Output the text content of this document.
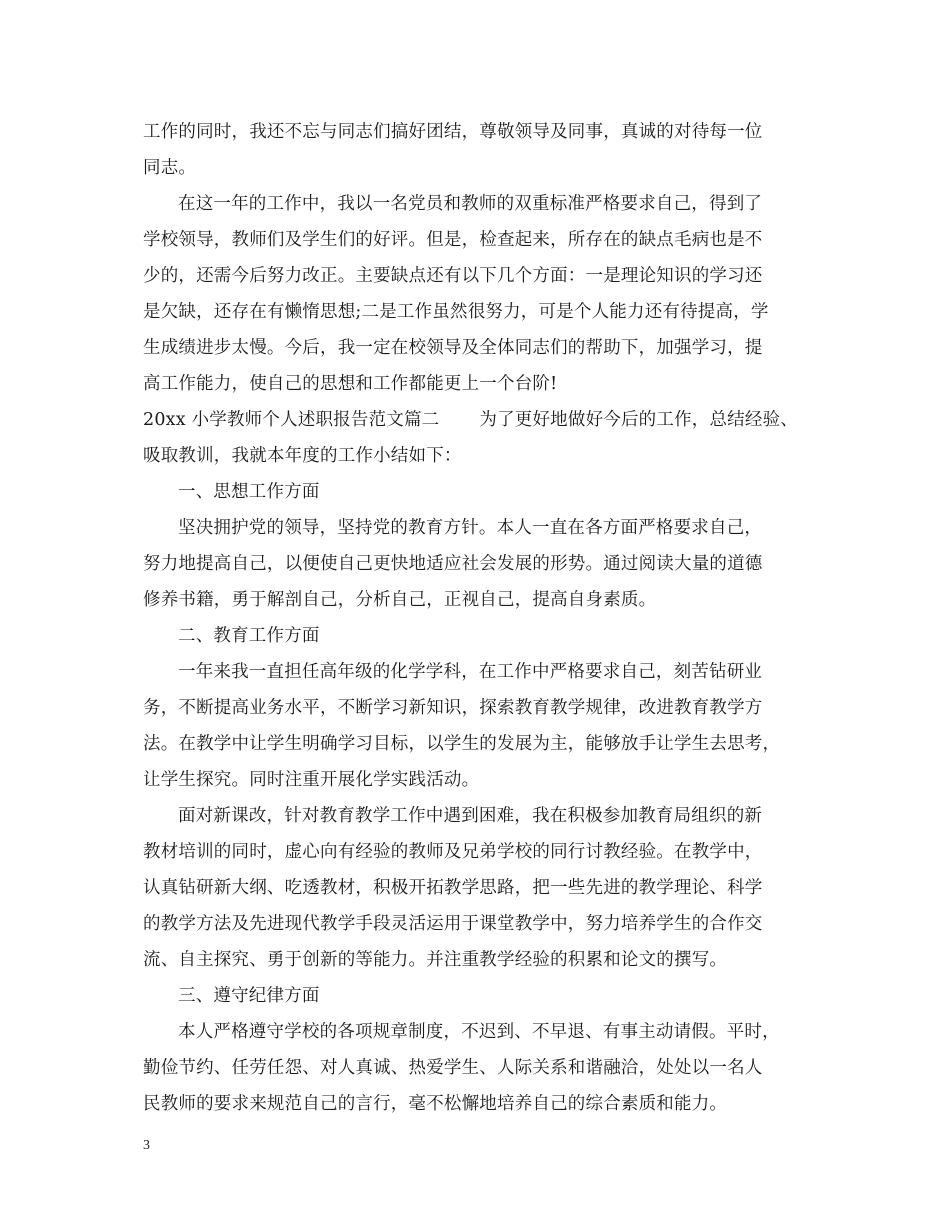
工作的同时，我还不忘与同志们搞好团结，尊敬领导及同事，真诚的对待每一位
同志。
在这一年的工作中，我以一名党员和教师的双重标准严格要求自己，得到了
学校领导，教师们及学生们的好评。但是，检查起来，所存在的缺点毛病也是不
少的，还需今后努力改正。主要缺点还有以下几个方面：一是理论知识的学习还
是欠缺，还存在有懒惰思想;二是工作虽然很努力，可是个人能力还有待提高，学
生成绩进步太慢。今后，我一定在校领导及全体同志们的帮助下，加强学习，提
高工作能力，使自己的思想和工作都能更上一个台阶!
20xx 小学教师个人述职报告范文篇二 为了更好地做好今后的工作，总结经验、
吸取教训，我就本年度的工作小结如下：
一、思想工作方面
坚决拥护党的领导，坚持党的教育方针。本人一直在各方面严格要求自己，
努力地提高自己，以便使自己更快地适应社会发展的形势。通过阅读大量的道德
修养书籍，勇于解剖自己，分析自己，正视自己，提高自身素质。
二、教育工作方面
一年来我一直担任高年级的化学学科，在工作中严格要求自己，刻苦钻研业
务，不断提高业务水平，不断学习新知识，探索教育教学规律，改进教育教学方
法。在教学中让学生明确学习目标，以学生的发展为主，能够放手让学生去思考，
让学生探究。同时注重开展化学实践活动。
面对新课改，针对教育教学工作中遇到困难，我在积极参加教育局组织的新
教材培训的同时，虚心向有经验的教师及兄弟学校的同行讨教经验。在教学中，
认真钻研新大纲、吃透教材，积极开拓教学思路，把一些先进的教学理论、科学
的教学方法及先进现代教学手段灵活运用于课堂教学中，努力培养学生的合作交
流、自主探究、勇于创新的等能力。并注重教学经验的积累和论文的撰写。
三、遵守纪律方面
本人严格遵守学校的各项规章制度，不迟到、不早退、有事主动请假。平时，
勤俭节约、任劳任怨、对人真诚、热爱学生、人际关系和谐融洽，处处以一名人
民教师的要求来规范自己的言行，毫不松懈地培养自己的综合素质和能力。
3
